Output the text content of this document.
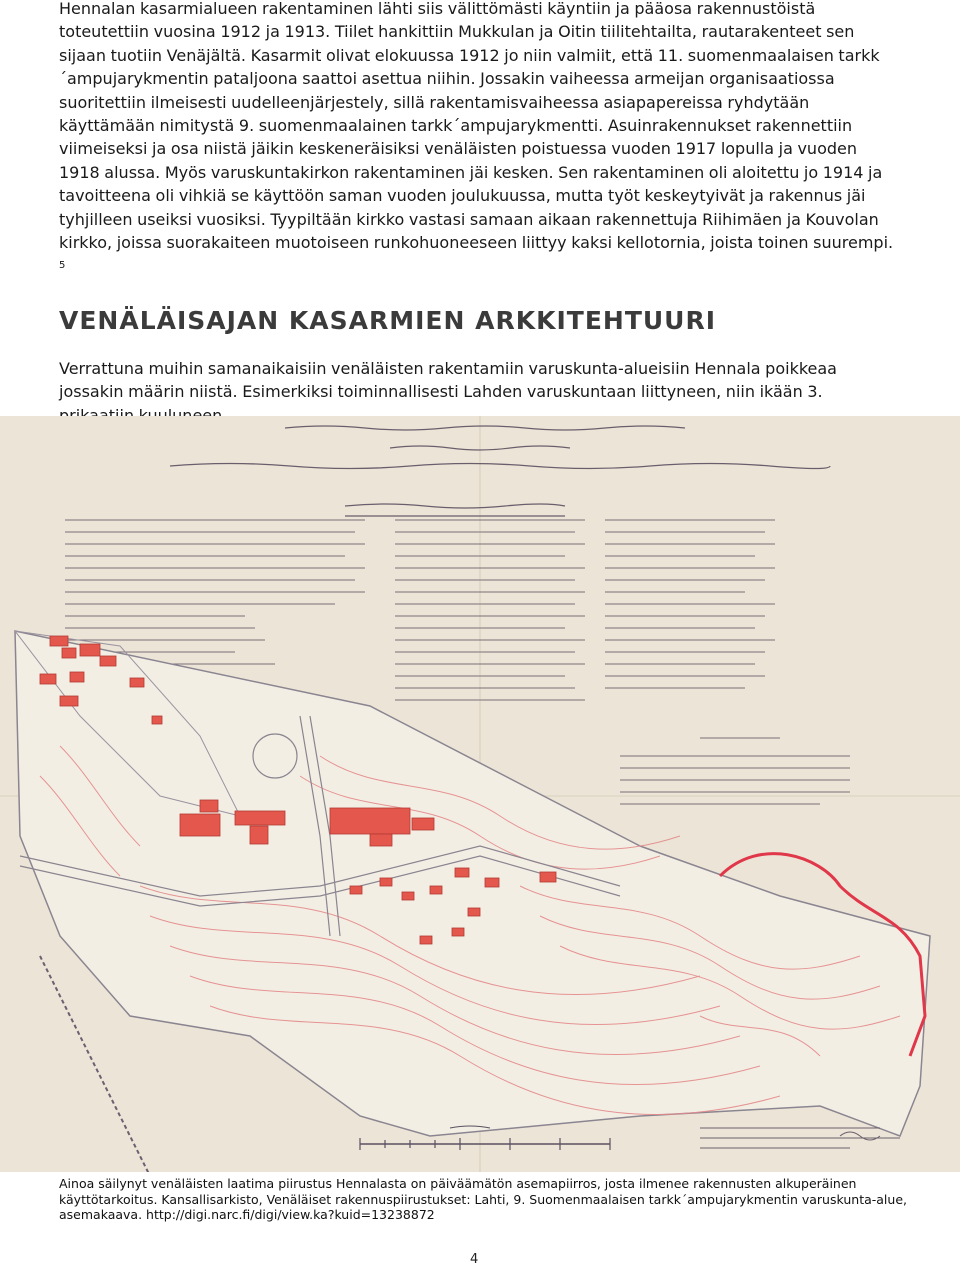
Hennalan kasarmialueen rakentaminen lähti siis välittömästi käyntiin ja pääosa rakennustöistä toteutettiin vuosina 1912 ja 1913. Tiilet hankittiin Mukkulan ja Oitin tiilitehtailta, rautarakenteet sen sijaan tuotiin Venäjältä. Kasarmit olivat elokuussa 1912 jo niin valmiit, että 11. suomenmaalaisen tarkk´ampujarykmentin pataljoona saattoi asettua niihin. Jossakin vaiheessa armeijan organisaatiossa suoritettiin ilmeisesti uudelleenjärjestely, sillä rakentamisvaiheessa asiapapereissa ryhdytään käyttämään nimitystä 9. suomenmaalainen tarkk´ampujarykmentti. Asuinrakennukset rakennettiin viimeiseksi ja osa niistä jäikin keskeneräisiksi venäläisten poistuessa vuoden 1917 lopulla ja vuoden 1918 alussa. Myös varuskuntakirkon rakentaminen jäi kesken. Sen rakentaminen oli aloitettu jo 1914 ja tavoitteena oli vihkiä se käyttöön saman vuoden joulukuussa, mutta työt keskeytyivät ja rakennus jäi tyhjilleen useiksi vuosiksi. Tyypiltään kirkko vastasi samaan aikaan rakennettuja Riihimäen ja Kouvolan kirkko, joissa suorakaiteen muotoiseen runkohuoneeseen liittyy kaksi kellotornia, joista toinen suurempi. $^5$

VENÄLÄISAJAN KASARMIEN ARKKITEHTUURI

Verrattuna muihin samanaikaisiin venäläisten rakentamiin varuskunta-alueisiin Hennala poikkeaa jossakin määrin niistä. Esimerkiksi toiminnallisesti Lahden varuskuntaan liittyneen, niin ikään 3.

Ainoa säilynyt venäläisten laatima piirustus Hennalasta on päiväämätön asemapiirros, josta ilmenee rakennusten alkuperäinen käyttötarkoitus. Kansallisarkisto, Venäläiset rakennuspiirustukset: Lahti, 9. Suomenmaalaisen tarkk´ampujarykmentin varuskunta-alue, asemakaava. http://digi.narc.fi/digi/view.ka?kuid=13238872

4
